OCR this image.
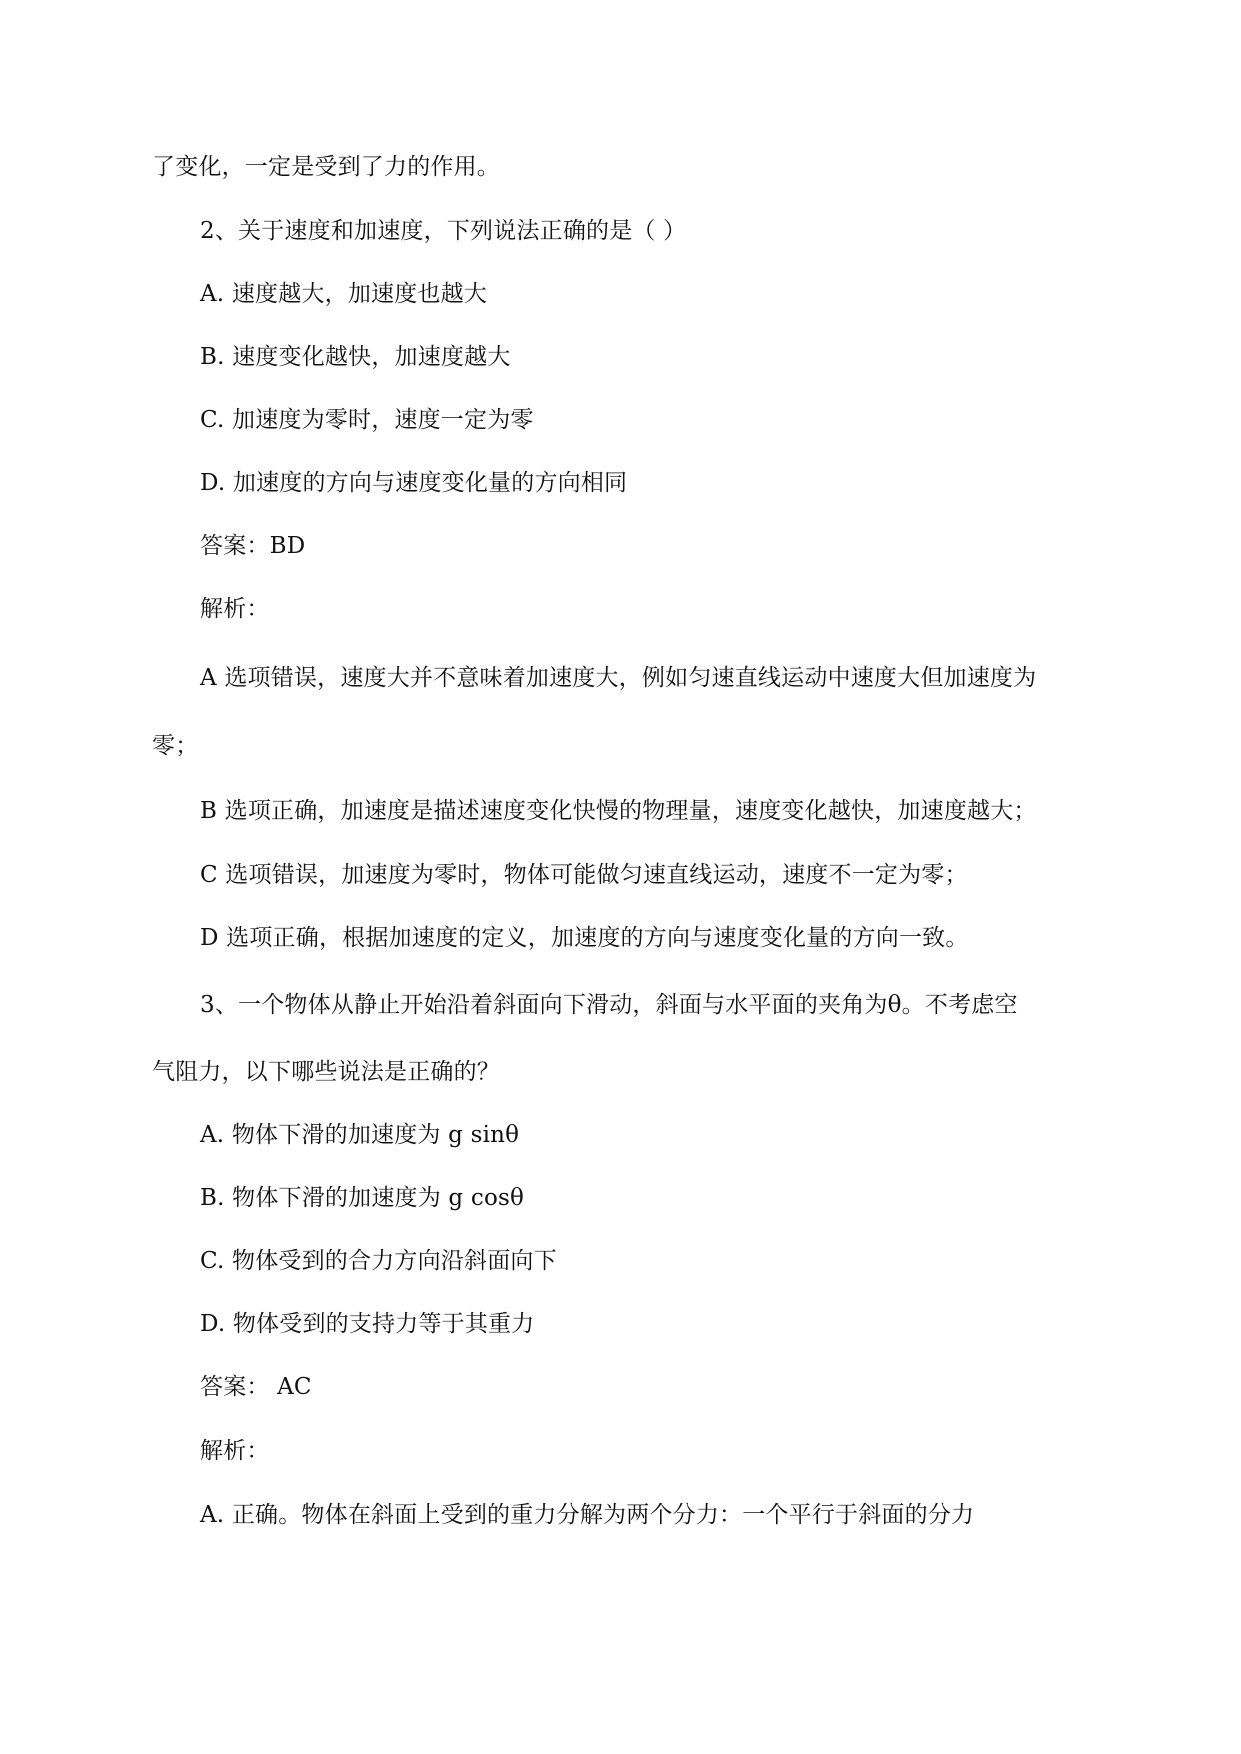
了变化，一定是受到了力的作用。
2、关于速度和加速度，下列说法正确的是（ ）
A. 速度越大，加速度也越大
B. 速度变化越快，加速度越大
C. 加速度为零时，速度一定为零
D. 加速度的方向与速度变化量的方向相同
答案：BD
解析：
A 选项错误，速度大并不意味着加速度大，例如匀速直线运动中速度大但加速度为
零；
B 选项正确，加速度是描述速度变化快慢的物理量，速度变化越快，加速度越大；
C 选项错误，加速度为零时，物体可能做匀速直线运动，速度不一定为零；
D 选项正确，根据加速度的定义，加速度的方向与速度变化量的方向一致。
3、一个物体从静止开始沿着斜面向下滑动，斜面与水平面的夹角为θ。不考虑空
气阻力，以下哪些说法是正确的？
A. 物体下滑的加速度为 g sinθ
B. 物体下滑的加速度为 g cosθ
C. 物体受到的合力方向沿斜面向下
D. 物体受到的支持力等于其重力
答案： AC
解析：
A. 正确。物体在斜面上受到的重力分解为两个分力：一个平行于斜面的分力
